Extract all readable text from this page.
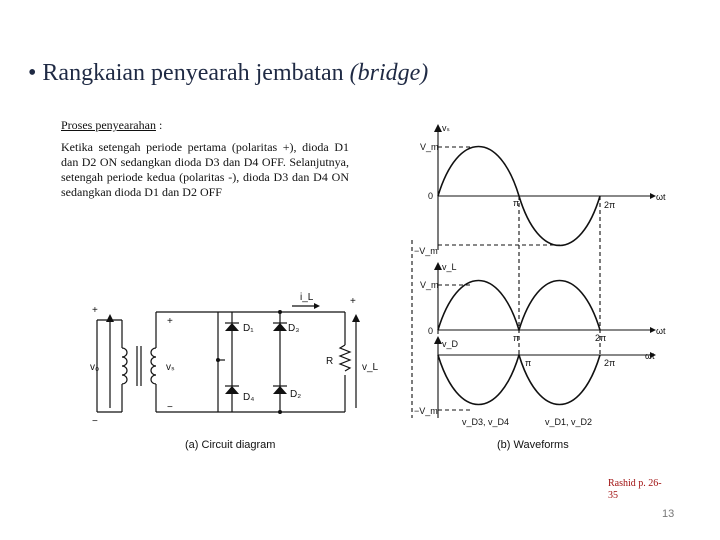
• Rangkaian penyearah jembatan (bridge)
Proses penyearahan :
Ketika setengah periode pertama (polaritas +), dioda D1 dan D2 ON sedangkan dioda D3 dan D4 OFF. Selanjutnya, setengah periode kedua (polaritas -), dioda D3 dan D4 ON sedangkan dioda D1 dan D2 OFF
+
−
v₀	vₛ
+
−
D₁
D₄
D₃
D₂
R
+
v_L
i_L
(a) Circuit diagram
vₛ
V_m
0
π	2π
ωt
−V_m
v_L
V_m
0
π	2π
ωt
v_D
π	2π
ωt
−V_m
v_D3, v_D4	v_D1, v_D2
(b) Waveforms
Rashid p. 26-35
13
